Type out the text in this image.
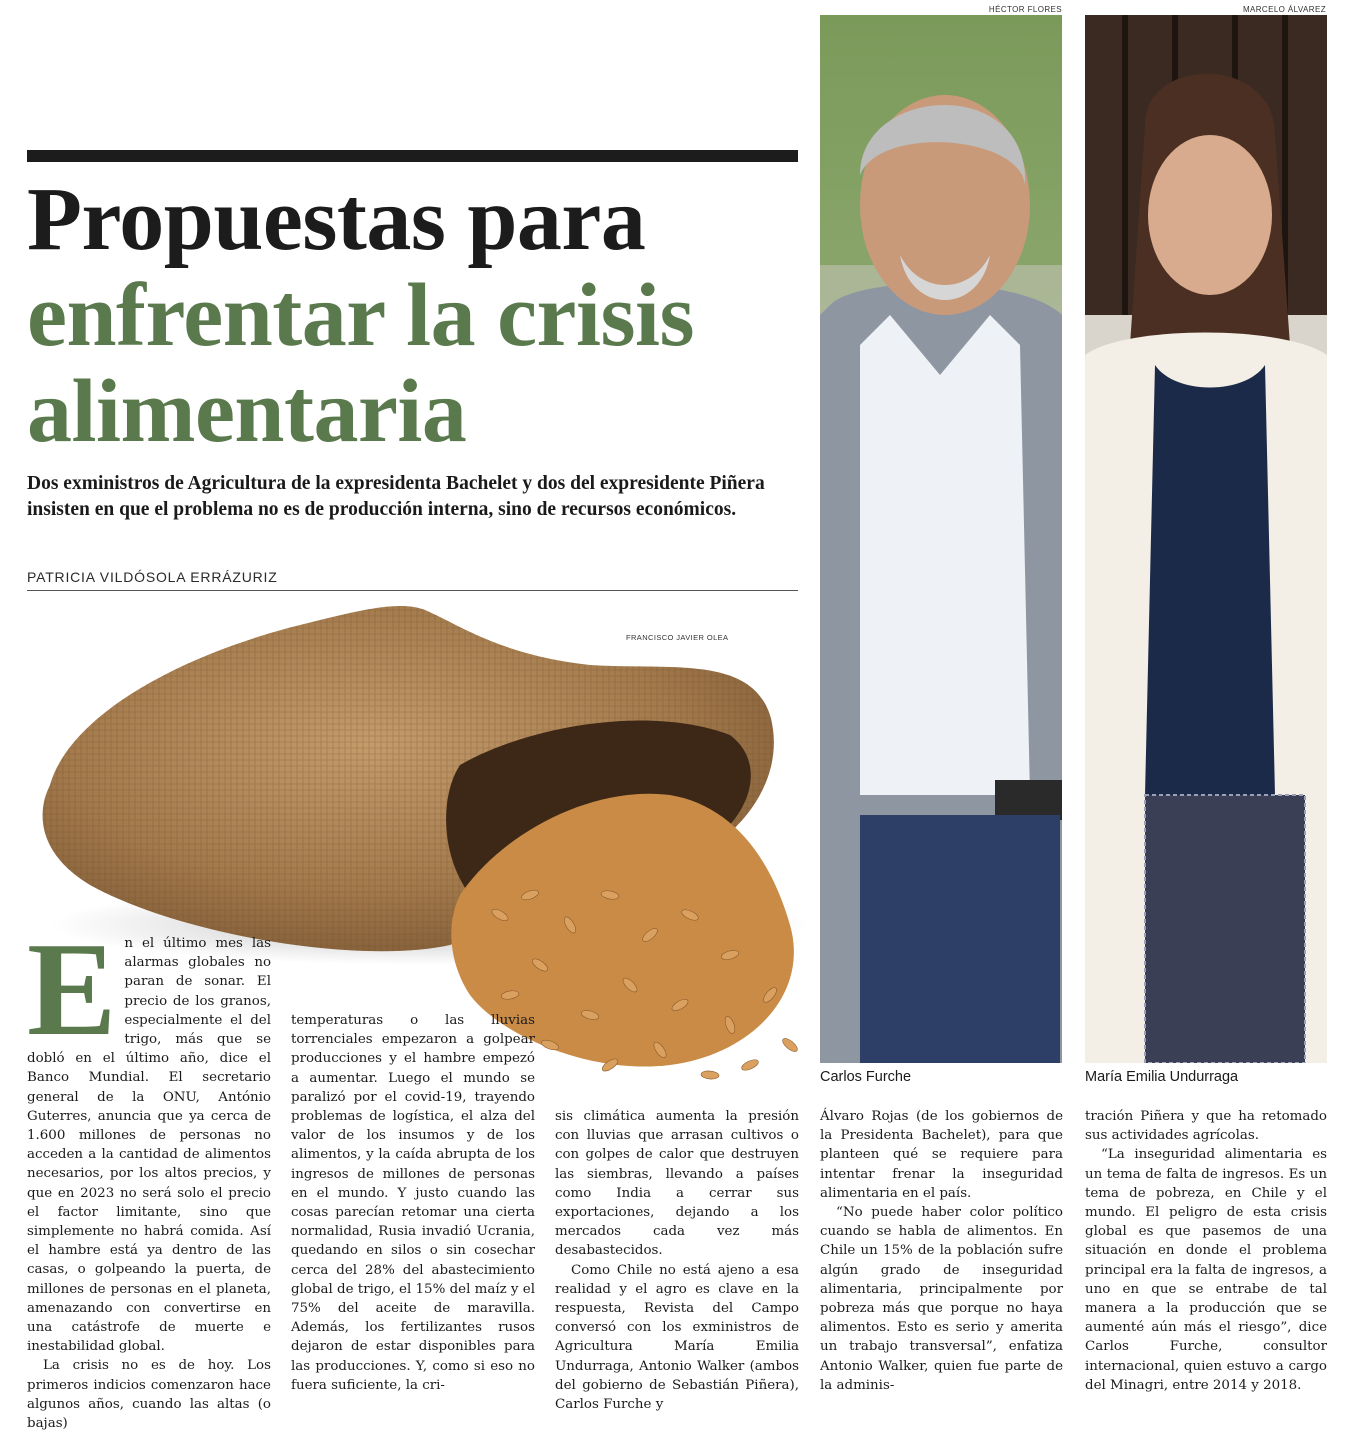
HÉCTOR FLORES	MARCELO ÁLVAREZ
Propuestas para
enfrentar la crisis
alimentaria
Dos exministros de Agricultura de la expresidenta Bachelet y dos del expresidente Piñera insisten en que el problema no es de producción interna, sino de recursos económicos.
PATRICIA VILDÓSOLA ERRÁZURIZ
FRANCISCO JAVIER OLEA
Carlos Furche	María Emilia Undurraga

En el último mes las alarmas globales no paran de sonar. El precio de los granos, especialmente el del trigo, más que se dobló en el último año, dice el Banco Mundial. El secretario general de la ONU, António Guterres, anuncia que ya cerca de 1.600 millones de personas no acceden a la cantidad de alimentos necesarios, por los altos precios, y que en 2023 no será solo el precio el factor limitante, sino que simplemente no habrá comida. Así el hambre está ya dentro de las casas, o golpeando la puerta, de millones de personas en el planeta, amenazando con convertirse en una catástrofe de muerte e inestabilidad global.

La crisis no es de hoy. Los primeros indicios comenzaron hace algunos años, cuando las altas (o bajas)

temperaturas o las lluvias torrenciales empezaron a golpear producciones y el hambre empezó a aumentar. Luego el mundo se paralizó por el covid-19, trayendo problemas de logística, el alza del valor de los insumos y de los alimentos, y la caída abrupta de los ingresos de millones de personas en el mundo. Y justo cuando las cosas parecían retomar una cierta normalidad, Rusia invadió Ucrania, quedando en silos o sin cosechar cerca del 28% del abastecimiento global de trigo, el 15% del maíz y el 75% del aceite de maravilla. Además, los fertilizantes rusos dejaron de estar disponibles para las producciones. Y, como si eso no fuera suficiente, la cri-

sis climática aumenta la presión con lluvias que arrasan cultivos o con golpes de calor que destruyen las siembras, llevando a países como India a cerrar sus exportaciones, dejando a los mercados cada vez más desabastecidos.

Como Chile no está ajeno a esa realidad y el agro es clave en la respuesta, Revista del Campo conversó con los exministros de Agricultura María Emilia Undurraga, Antonio Walker (ambos del gobierno de Sebastián Piñera), Carlos Furche y

Álvaro Rojas (de los gobiernos de la Presidenta Bachelet), para que planteen qué se requiere para intentar frenar la inseguridad alimentaria en el país.

“No puede haber color político cuando se habla de alimentos. En Chile un 15% de la población sufre algún grado de inseguridad alimentaria, principalmente por pobreza más que porque no haya alimentos. Esto es serio y amerita un trabajo transversal”, enfatiza Antonio Walker, quien fue parte de la adminis-

tración Piñera y que ha retomado sus actividades agrícolas.

“La inseguridad alimentaria es un tema de falta de ingresos. Es un tema de pobreza, en Chile y el mundo. El peligro de esta crisis global es que pasemos de una situación en donde el problema principal era la falta de ingresos, a uno en que se entrabe de tal manera a la producción que se aumenté aún más el riesgo”, dice Carlos Furche, consultor internacional, quien estuvo a cargo del Minagri, entre 2014 y 2018.
